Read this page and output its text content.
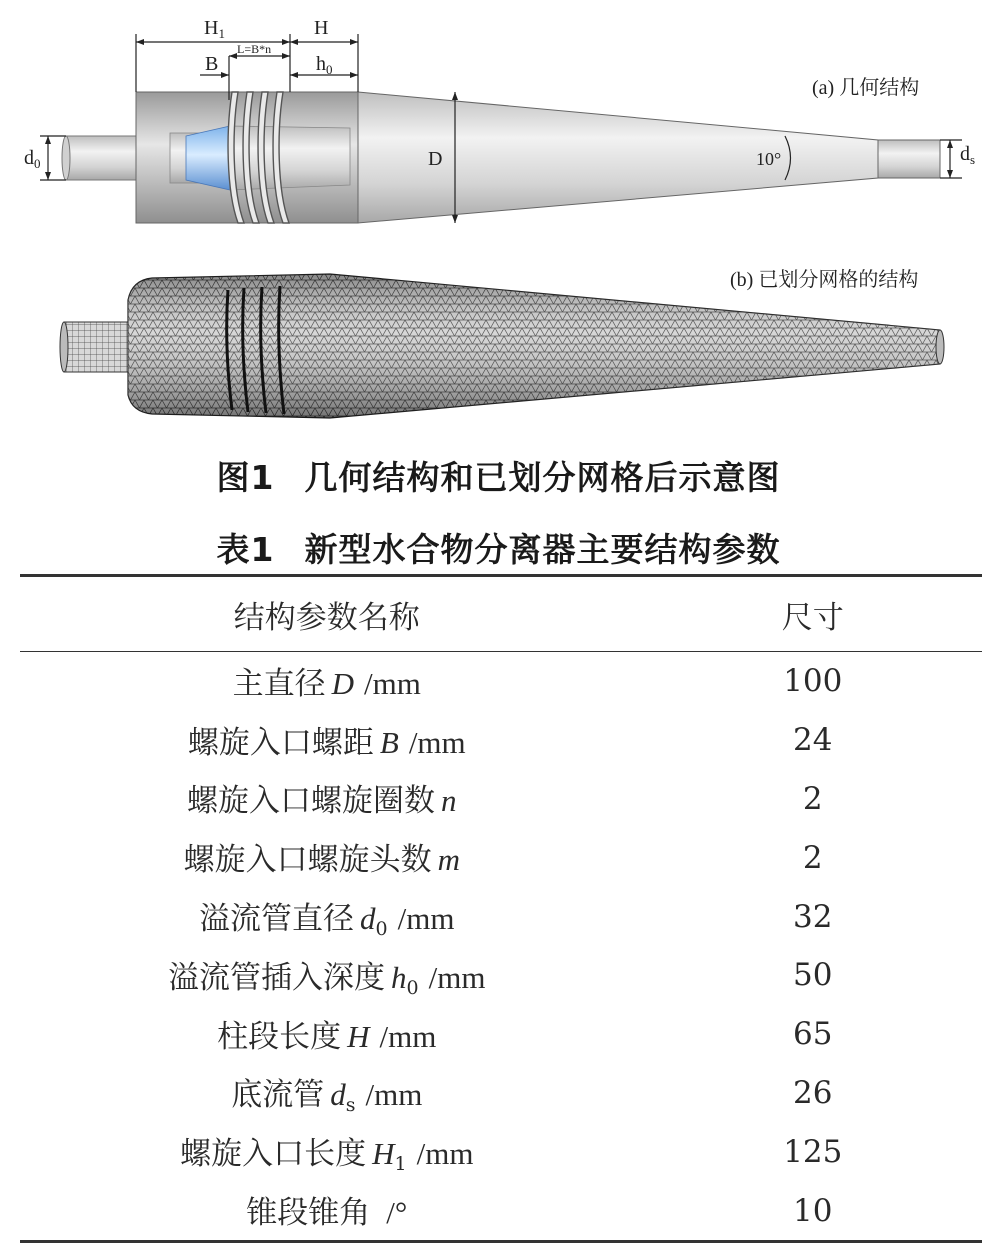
$H_1$	H
L=B*n
B	$h_0$
$d_0$	D	10°	$d_s$
(a) 几何结构
(b) 已划分网格的结构
图1 几何结构和已划分网格后示意图
表1 新型水合物分离器主要结构参数
结构参数名称	尺寸
主直径 D /mm	100
螺旋入口螺距 B /mm	24
螺旋入口螺旋圈数 n	2
螺旋入口螺旋头数 m	2
溢流管直径 $d_0$ /mm	32
溢流管插入深度 $h_0$ /mm	50
柱段长度 H /mm	65
底流管 $d_s$ /mm	26
螺旋入口长度 $H_1$ /mm	125
锥段锥角 /°	10
